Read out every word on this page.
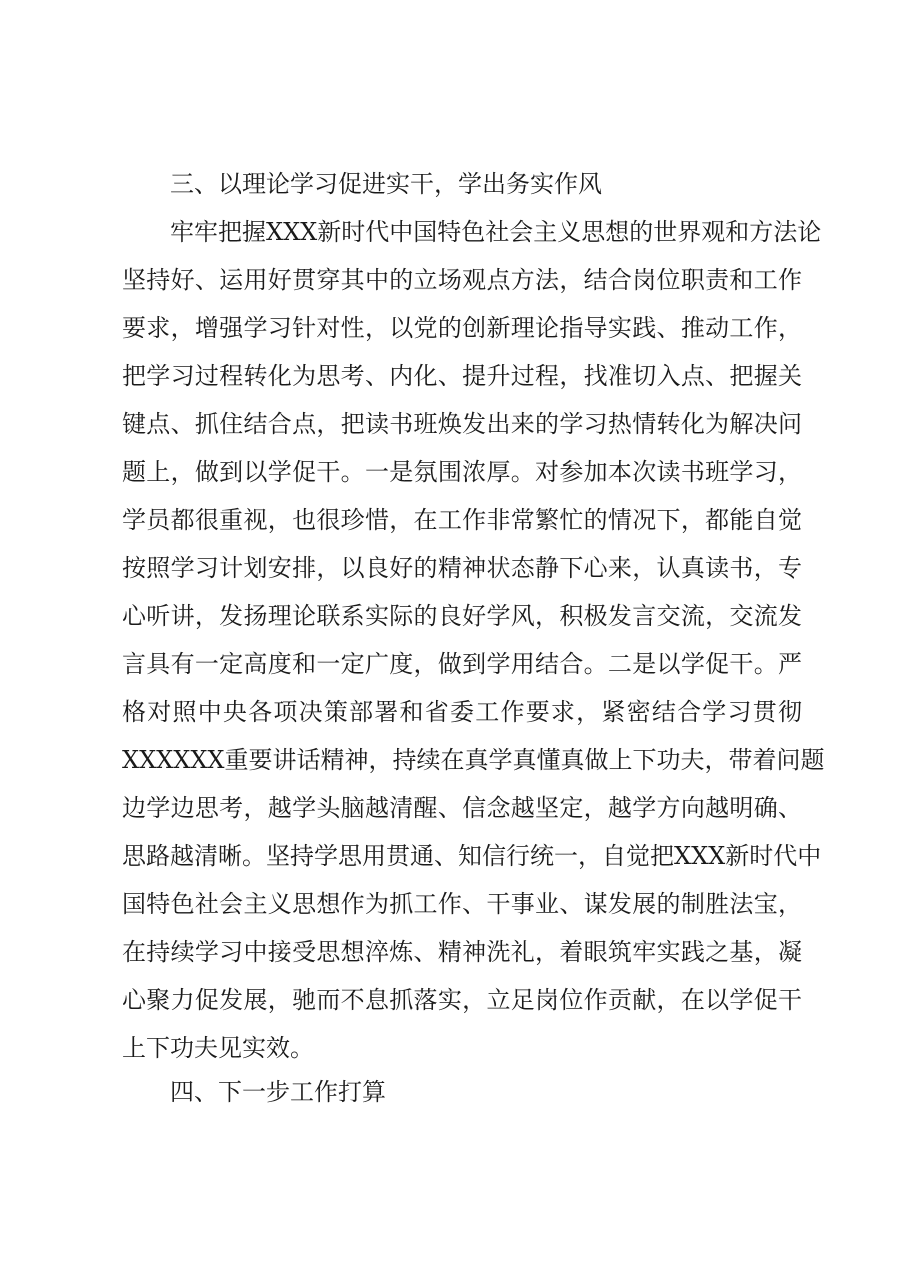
三、以理论学习促进实干，学出务实作风
牢牢把握XXX新时代中国特色社会主义思想的世界观和方法论
坚持好、运用好贯穿其中的立场观点方法，结合岗位职责和工作
要求，增强学习针对性，以党的创新理论指导实践、推动工作，
把学习过程转化为思考、内化、提升过程，找准切入点、把握关
键点、抓住结合点，把读书班焕发出来的学习热情转化为解决问
题上，做到以学促干。一是氛围浓厚。对参加本次读书班学习，
学员都很重视，也很珍惜，在工作非常繁忙的情况下，都能自觉
按照学习计划安排，以良好的精神状态静下心来，认真读书，专
心听讲，发扬理论联系实际的良好学风，积极发言交流，交流发
言具有一定高度和一定广度，做到学用结合。二是以学促干。严
格对照中央各项决策部署和省委工作要求，紧密结合学习贯彻
XXXXXX重要讲话精神，持续在真学真懂真做上下功夫，带着问题
边学边思考，越学头脑越清醒、信念越坚定，越学方向越明确、
思路越清晰。坚持学思用贯通、知信行统一，自觉把XXX新时代中
国特色社会主义思想作为抓工作、干事业、谋发展的制胜法宝，
在持续学习中接受思想淬炼、精神洗礼，着眼筑牢实践之基，凝
心聚力促发展，驰而不息抓落实，立足岗位作贡献，在以学促干
上下功夫见实效。
四、下一步工作打算
